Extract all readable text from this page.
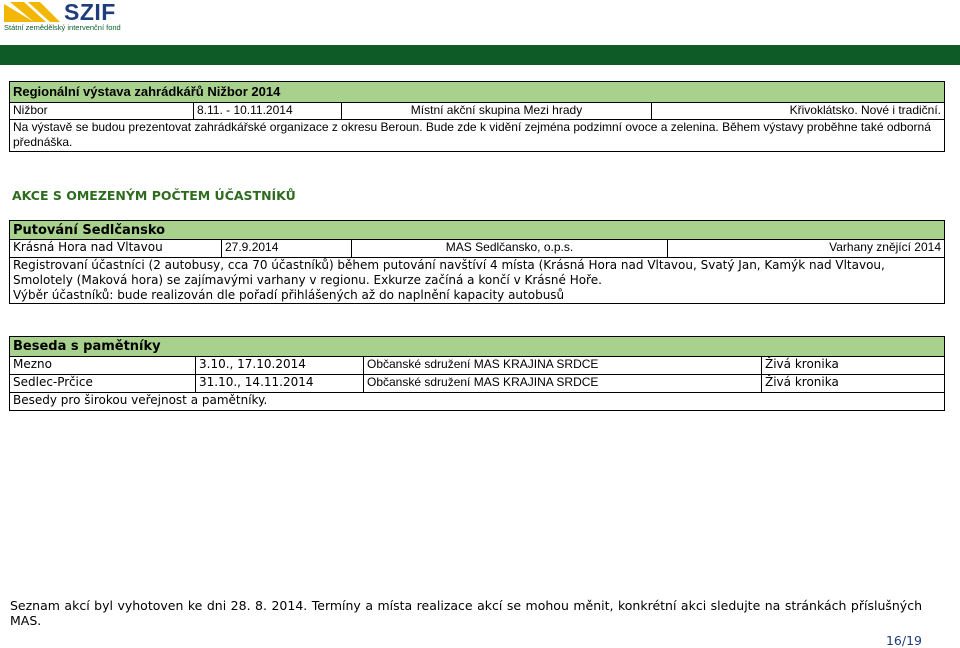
SZIF
Státní zemědělský intervenční fond
Regionální výstava zahrádkářů Nižbor 2014
Nižbor	8.11. - 10.11.2014	Místní akční skupina Mezi hrady	Křivoklátsko. Nové i tradiční.
Na výstavě se budou prezentovat zahrádkářské organizace z okresu Beroun. Bude zde k vidění zejména podzimní ovoce a zelenina. Během výstavy proběhne také odborná přednáška.
AKCE S OMEZENÝM POČTEM ÚČASTNÍKŮ
Putování Sedlčansko
Krásná Hora nad Vltavou	27.9.2014	MAS Sedlčansko, o.p.s.	Varhany znějící 2014
Registrovaní účastníci (2 autobusy, cca 70 účastníků) během putování navštíví 4 místa (Krásná Hora nad Vltavou, Svatý Jan, Kamýk nad Vltavou, Smolotely (Maková hora) se zajímavými varhany v regionu. Exkurze začíná a končí v Krásné Hoře.
Výběr účastníků: bude realizován dle pořadí přihlášených až do naplnění kapacity autobusů
Beseda s pamětníky			
Mezno	3.10., 17.10.2014	Občanské sdružení MAS KRAJINA SRDCE	Živá kronika
Sedlec-Prčice	31.10., 14.11.2014	Občanské sdružení MAS KRAJINA SRDCE	Živá kronika
Besedy pro širokou veřejnost a pamětníky.			
Seznam akcí byl vyhotoven ke dni 28. 8. 2014. Termíny a místa realizace akcí se mohou měnit, konkrétní akci sledujte na stránkách příslušných MAS.
16/19
